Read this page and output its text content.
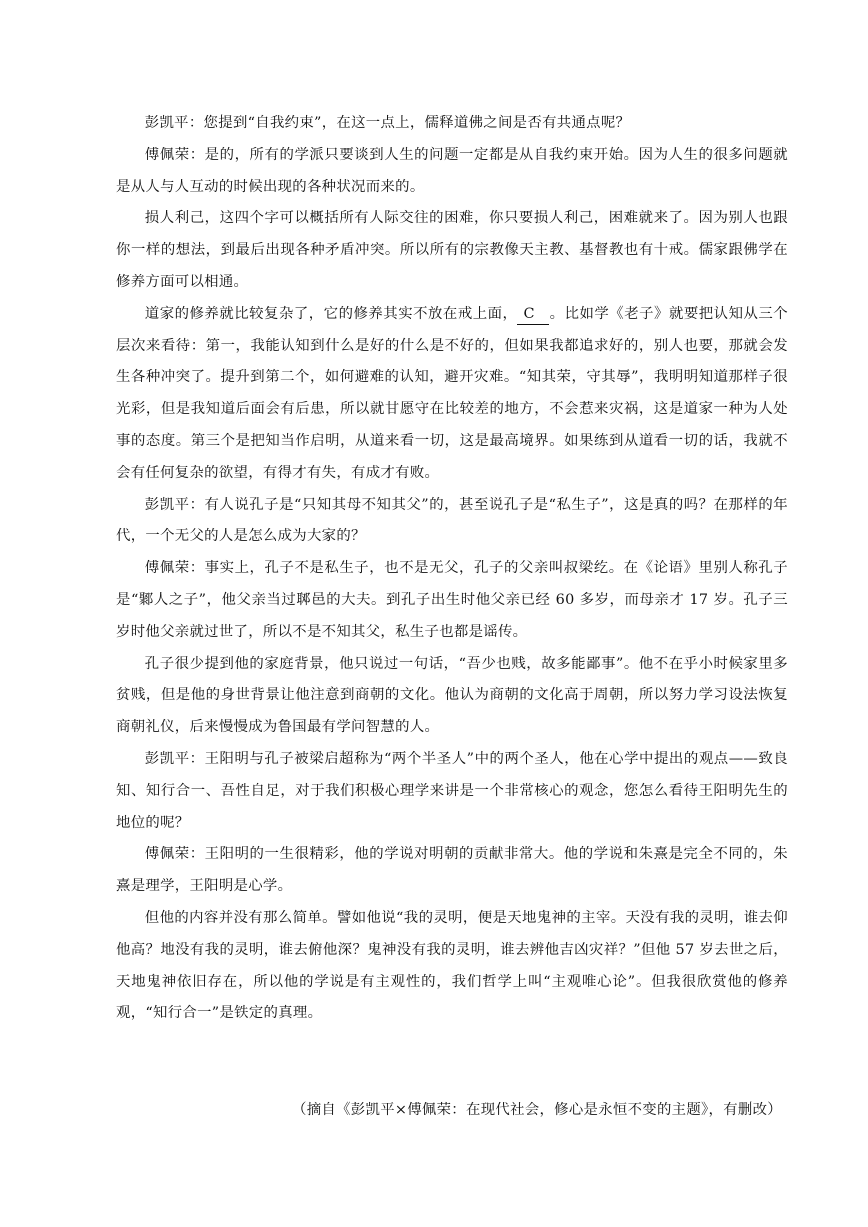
彭凯平：您提到“自我约束”，在这一点上，儒释道佛之间是否有共通点呢？

傅佩荣：是的，所有的学派只要谈到人生的问题一定都是从自我约束开始。因为人生的很多问题就是从人与人互动的时候出现的各种状况而来的。

损人利己，这四个字可以概括所有人际交往的困难，你只要损人利己，困难就来了。因为别人也跟你一样的想法，到最后出现各种矛盾冲突。所以所有的宗教像天主教、基督教也有十戒。儒家跟佛学在修养方面可以相通。

道家的修养就比较复杂了，它的修养其实不放在戒上面， C 。比如学《老子》就要把认知从三个层次来看待：第一，我能认知到什么是好的什么是不好的，但如果我都追求好的，别人也要，那就会发生各种冲突了。提升到第二个，如何避难的认知，避开灾难。“知其荣，守其辱”，我明明知道那样子很光彩，但是我知道后面会有后患，所以就甘愿守在比较差的地方，不会惹来灾祸，这是道家一种为人处事的态度。第三个是把知当作启明，从道来看一切，这是最高境界。如果练到从道看一切的话，我就不会有任何复杂的欲望，有得才有失，有成才有败。

彭凯平：有人说孔子是“只知其母不知其父”的，甚至说孔子是“私生子”，这是真的吗？在那样的年代，一个无父的人是怎么成为大家的？

傅佩荣：事实上，孔子不是私生子，也不是无父，孔子的父亲叫叔梁纥。在《论语》里别人称孔子是“鄹人之子”，他父亲当过郰邑的大夫。到孔子出生时他父亲已经 60 多岁，而母亲才 17 岁。孔子三岁时他父亲就过世了，所以不是不知其父，私生子也都是谣传。

孔子很少提到他的家庭背景，他只说过一句话，“吾少也贱，故多能鄙事”。他不在乎小时候家里多贫贱，但是他的身世背景让他注意到商朝的文化。他认为商朝的文化高于周朝，所以努力学习设法恢复商朝礼仪，后来慢慢成为鲁国最有学问智慧的人。

彭凯平：王阳明与孔子被梁启超称为“两个半圣人”中的两个圣人，他在心学中提出的观点——致良知、知行合一、吾性自足，对于我们积极心理学来讲是一个非常核心的观念，您怎么看待王阳明先生的地位的呢？

傅佩荣：王阳明的一生很精彩，他的学说对明朝的贡献非常大。他的学说和朱熹是完全不同的，朱熹是理学，王阳明是心学。

但他的内容并没有那么简单。譬如他说“我的灵明，便是天地鬼神的主宰。天没有我的灵明，谁去仰他高？地没有我的灵明，谁去俯他深？鬼神没有我的灵明，谁去辨他吉凶灾祥？”但他 57 岁去世之后，天地鬼神依旧存在，所以他的学说是有主观性的，我们哲学上叫“主观唯心论”。但我很欣赏他的修养观，“知行合一”是铁定的真理。

（摘自《彭凯平×傅佩荣：在现代社会，修心是永恒不变的主题》，有删改）
